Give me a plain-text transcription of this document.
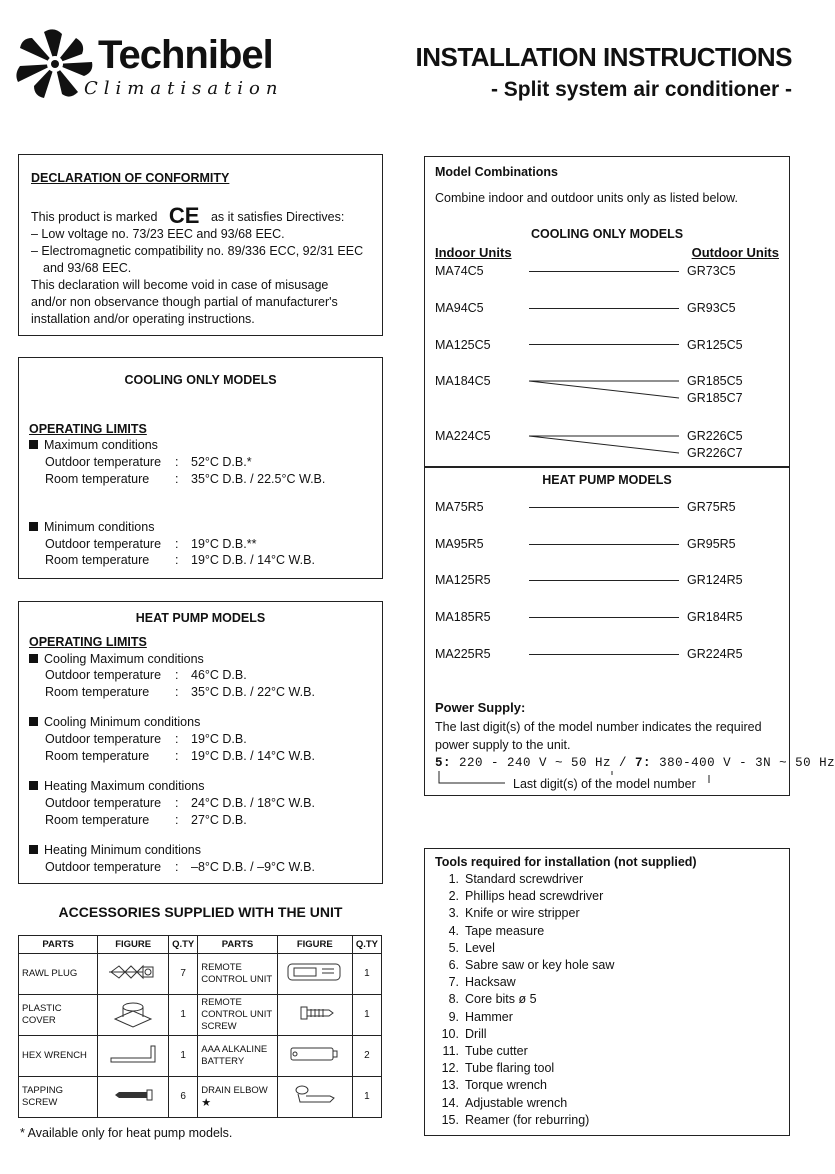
Technibel
Climatisation
INSTALLATION INSTRUCTIONS
- Split system air conditioner -
DECLARATION OF CONFORMITY
This product is marked CE as it satisfies Directives:
– Low voltage no. 73/23 EEC and 93/68 EEC.
– Electromagnetic compatibility no. 89/336 ECC, 92/31 EEC
and 93/68 EEC.
This declaration will become void in case of misusage
and/or non observance though partial of manufacturer's
installation and/or operating instructions.
COOLING ONLY MODELS
OPERATING LIMITS
Maximum conditions
Outdoor temperature : 52°C D.B.*
Room temperature : 35°C D.B. / 22.5°C W.B.
Minimum conditions
Outdoor temperature : 19°C D.B.**
Room temperature : 19°C D.B. / 14°C W.B.
HEAT PUMP MODELS
OPERATING LIMITS
Cooling Maximum conditions
Outdoor temperature : 46°C D.B.
Room temperature : 35°C D.B. / 22°C W.B.
Cooling Minimum conditions
Outdoor temperature : 19°C D.B.
Room temperature : 19°C D.B. / 14°C W.B.
Heating Maximum conditions
Outdoor temperature : 24°C D.B. / 18°C W.B.
Room temperature : 27°C D.B.
Heating Minimum conditions
Outdoor temperature : –8°C D.B. / –9°C W.B.
ACCESSORIES SUPPLIED WITH THE UNIT
PARTS	FIGURE	Q.TY	PARTS	FIGURE	Q.TY
RAWL PLUG		7	REMOTE CONTROL UNIT		1
PLASTIC COVER		1	REMOTE CONTROL UNIT SCREW		1
HEX WRENCH		1	AAA ALKALINE BATTERY		2
TAPPING SCREW		6	DRAIN ELBOW ★		1
* Available only for heat pump models.
Model Combinations
Combine indoor and outdoor units only as listed below.
COOLING ONLY MODELS
Indoor Units	Outdoor Units
MA74C5	GR73C5
MA94C5	GR93C5
MA125C5	GR125C5
MA184C5	GR185C5
GR185C7
MA224C5	GR226C5
GR226C7
HEAT PUMP MODELS
MA75R5	GR75R5
MA95R5	GR95R5
MA125R5	GR124R5
MA185R5	GR184R5
MA225R5	GR224R5
Power Supply:
The last digit(s) of the model number indicates the required
power supply to the unit.
5: 220 - 240 V ~ 50 Hz / 7: 380-400 V - 3N ~ 50 Hz
Last digit(s) of the model number
Tools required for installation (not supplied)
1. Standard screwdriver
2. Phillips head screwdriver
3. Knife or wire stripper
4. Tape measure
5. Level
6. Sabre saw or key hole saw
7. Hacksaw
8. Core bits ø 5
9. Hammer
10. Drill
11. Tube cutter
12. Tube flaring tool
13. Torque wrench
14. Adjustable wrench
15. Reamer (for reburring)
